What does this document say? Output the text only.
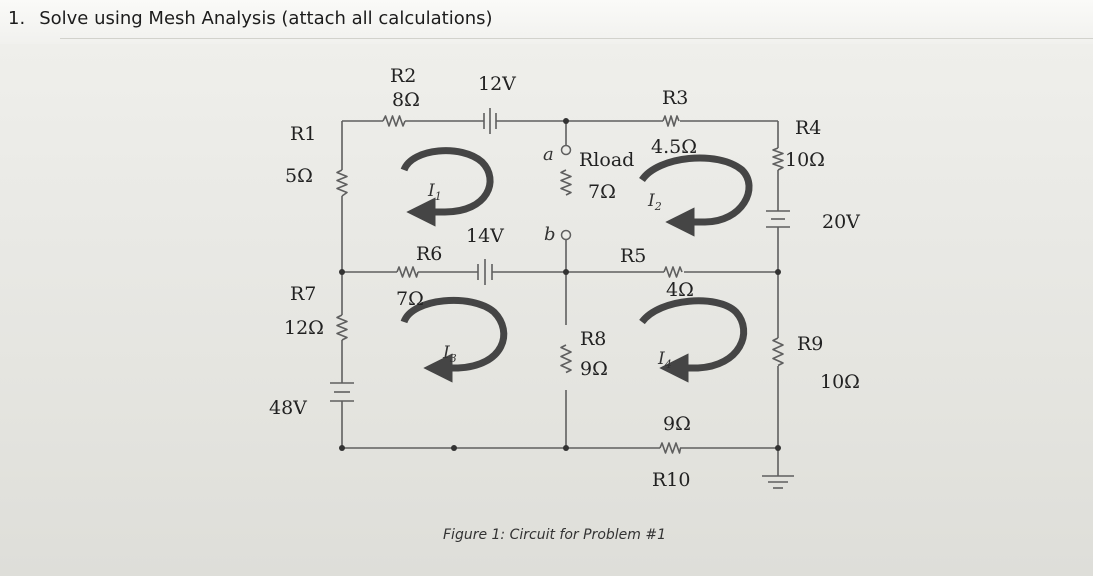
1. Solve using Mesh Analysis (attach all calculations)
R2
8Ω
12V
R3
4.5Ω
R1
5Ω
R4
10Ω
20V
Rload
7Ω
R6
7Ω
14V
R5
4Ω
R7
12Ω	R8
9Ω
R9
10Ω
48V
9Ω
R10
a
b
$I_1$	$I_2$
$I_3$	$I_4$
Figure 1: Circuit for Problem #1
